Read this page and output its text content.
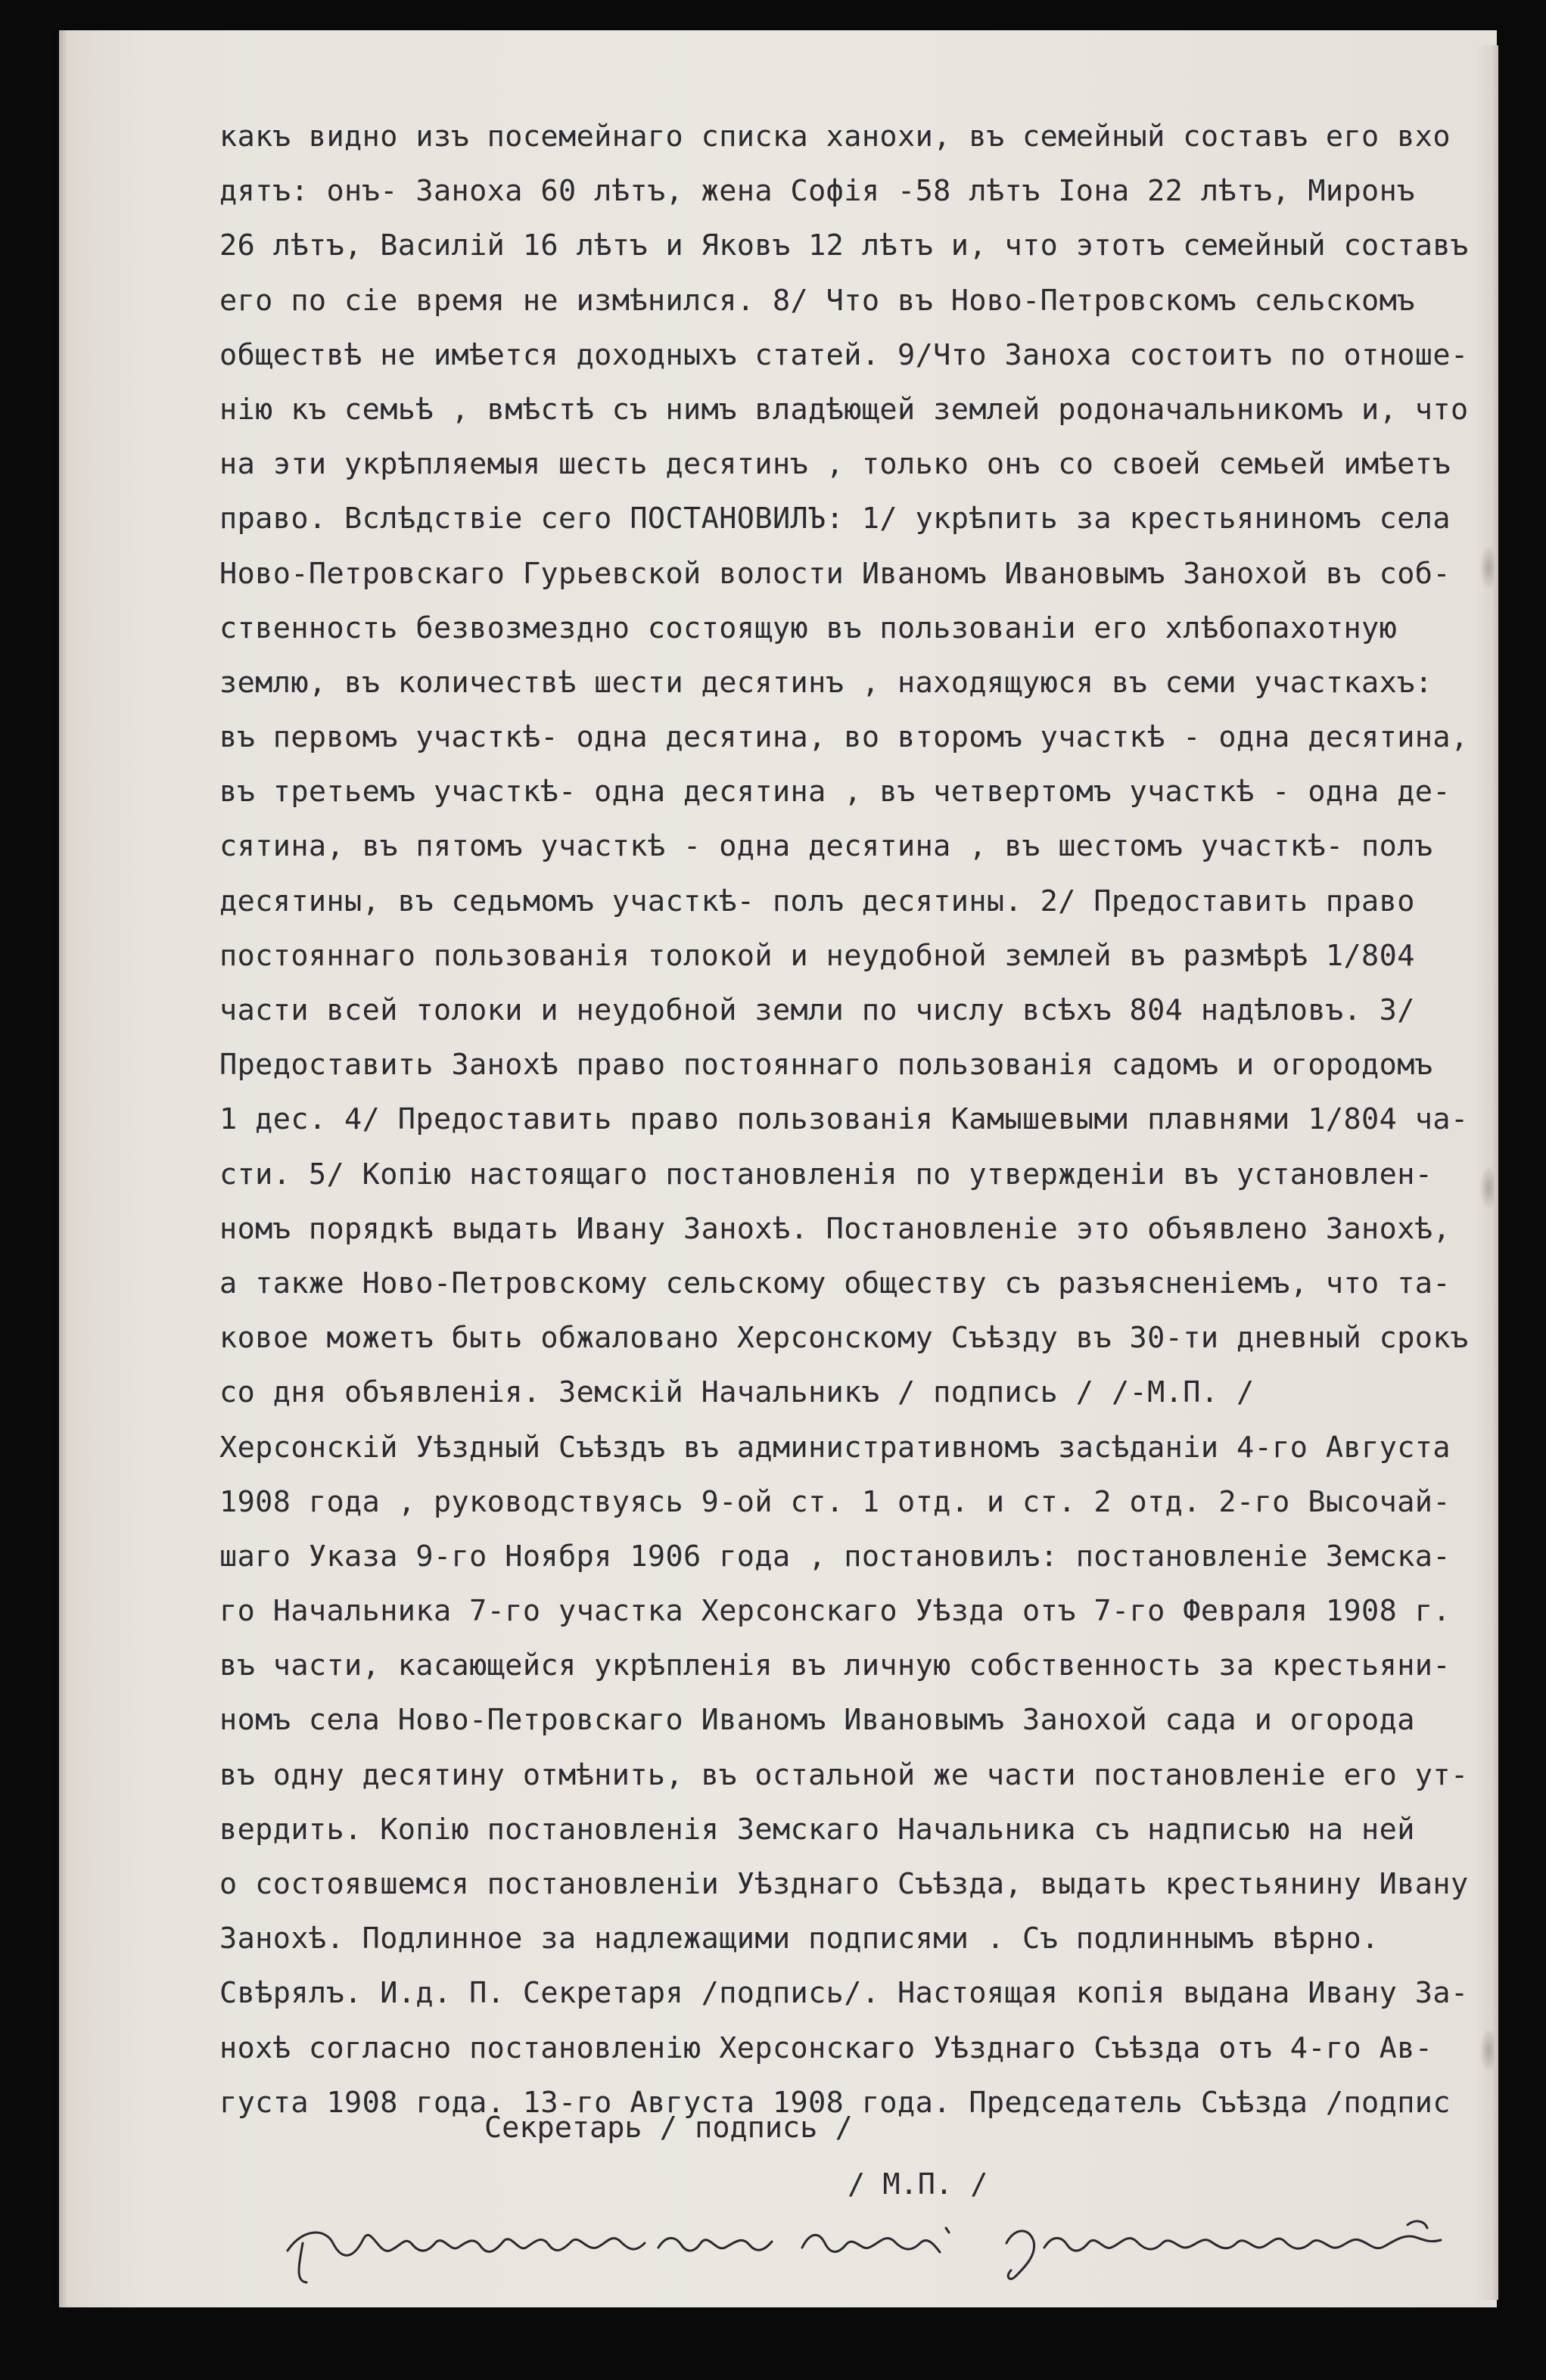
какъ видно изъ посемейнаго списка ханохи, въ семейный составъ его вхо
дятъ: онъ- Заноха 60 лѣтъ, жена Софія -58 лѣтъ Іона 22 лѣтъ, Миронъ
26 лѣтъ, Василій 16 лѣтъ и Яковъ 12 лѣтъ и, что этотъ семейный составъ
его по сіе время не измѣнился. 8/ Что въ Ново-Петровскомъ сельскомъ
обществѣ не имѣется доходныхъ статей. 9/Что Заноха состоитъ по отноше-
нію къ семьѣ , вмѣстѣ съ нимъ владѣющей землей родоначальникомъ и, что
на эти укрѣпляемыя шесть десятинъ , только онъ со своей семьей имѣетъ
право. Вслѣдствіе сего ПОСТАНОВИЛЪ: 1/ укрѣпить за крестьяниномъ села
Ново-Петровскаго Гурьевской волости Иваномъ Ивановымъ Занохой въ соб-
ственность безвозмездно состоящую въ пользованіи его хлѣбопахотную
землю, въ количествѣ шести десятинъ , находящуюся въ семи участкахъ:
въ первомъ участкѣ- одна десятина, во второмъ участкѣ - одна десятина,
въ третьемъ участкѣ- одна десятина , въ четвертомъ участкѣ - одна де-
сятина, въ пятомъ участкѣ - одна десятина , въ шестомъ участкѣ- полъ
десятины, въ седьмомъ участкѣ- полъ десятины. 2/ Предоставить право
постояннаго пользованія толокой и неудобной землей въ размѣрѣ 1/804
части всей толоки и неудобной земли по числу всѣхъ 804 надѣловъ. 3/
Предоставить Занохѣ право постояннаго пользованія садомъ и огородомъ
1 дес. 4/ Предоставить право пользованія Камышевыми плавнями 1/804 ча-
сти. 5/ Копію настоящаго постановленія по утвержденіи въ установлен-
номъ порядкѣ выдать Ивану Занохѣ. Постановленіе это объявлено Занохѣ,
а также Ново-Петровскому сельскому обществу съ разъясненіемъ, что та-
ковое можетъ быть обжаловано Херсонскому Съѣзду въ 30-ти дневный срокъ
со дня объявленія. Земскій Начальникъ / подпись / /-М.П. /
Херсонскій Уѣздный Съѣздъ въ административномъ засѣданіи 4-го Августа
1908 года , руководствуясь 9-ой ст. 1 отд. и ст. 2 отд. 2-го Высочай-
шаго Указа 9-го Ноября 1906 года , постановилъ: постановленіе Земска-
го Начальника 7-го участка Херсонскаго Уѣзда отъ 7-го Февраля 1908 г.
въ части, касающейся укрѣпленія въ личную собственность за крестьяни-
номъ села Ново-Петровскаго Иваномъ Ивановымъ Занохой сада и огорода
въ одну десятину отмѣнить, въ остальной же части постановленіе его ут-
вердить. Копію постановленія Земскаго Начальника съ надписью на ней
о состоявшемся постановленіи Уѣзднаго Съѣзда, выдать крестьянину Ивану
Занохѣ. Подлинное за надлежащими подписями . Съ подлиннымъ вѣрно.
Свѣрялъ. И.д. П. Секретаря /подпись/. Настоящая копія выдана Ивану За-
нохѣ согласно постановленію Херсонскаго Уѣзднаго Съѣзда отъ 4-го Ав-
густа 1908 года. 13-го Августа 1908 года. Председатель Съѣзда /подпис
Секретарь / подпись /
/ М.П. /
